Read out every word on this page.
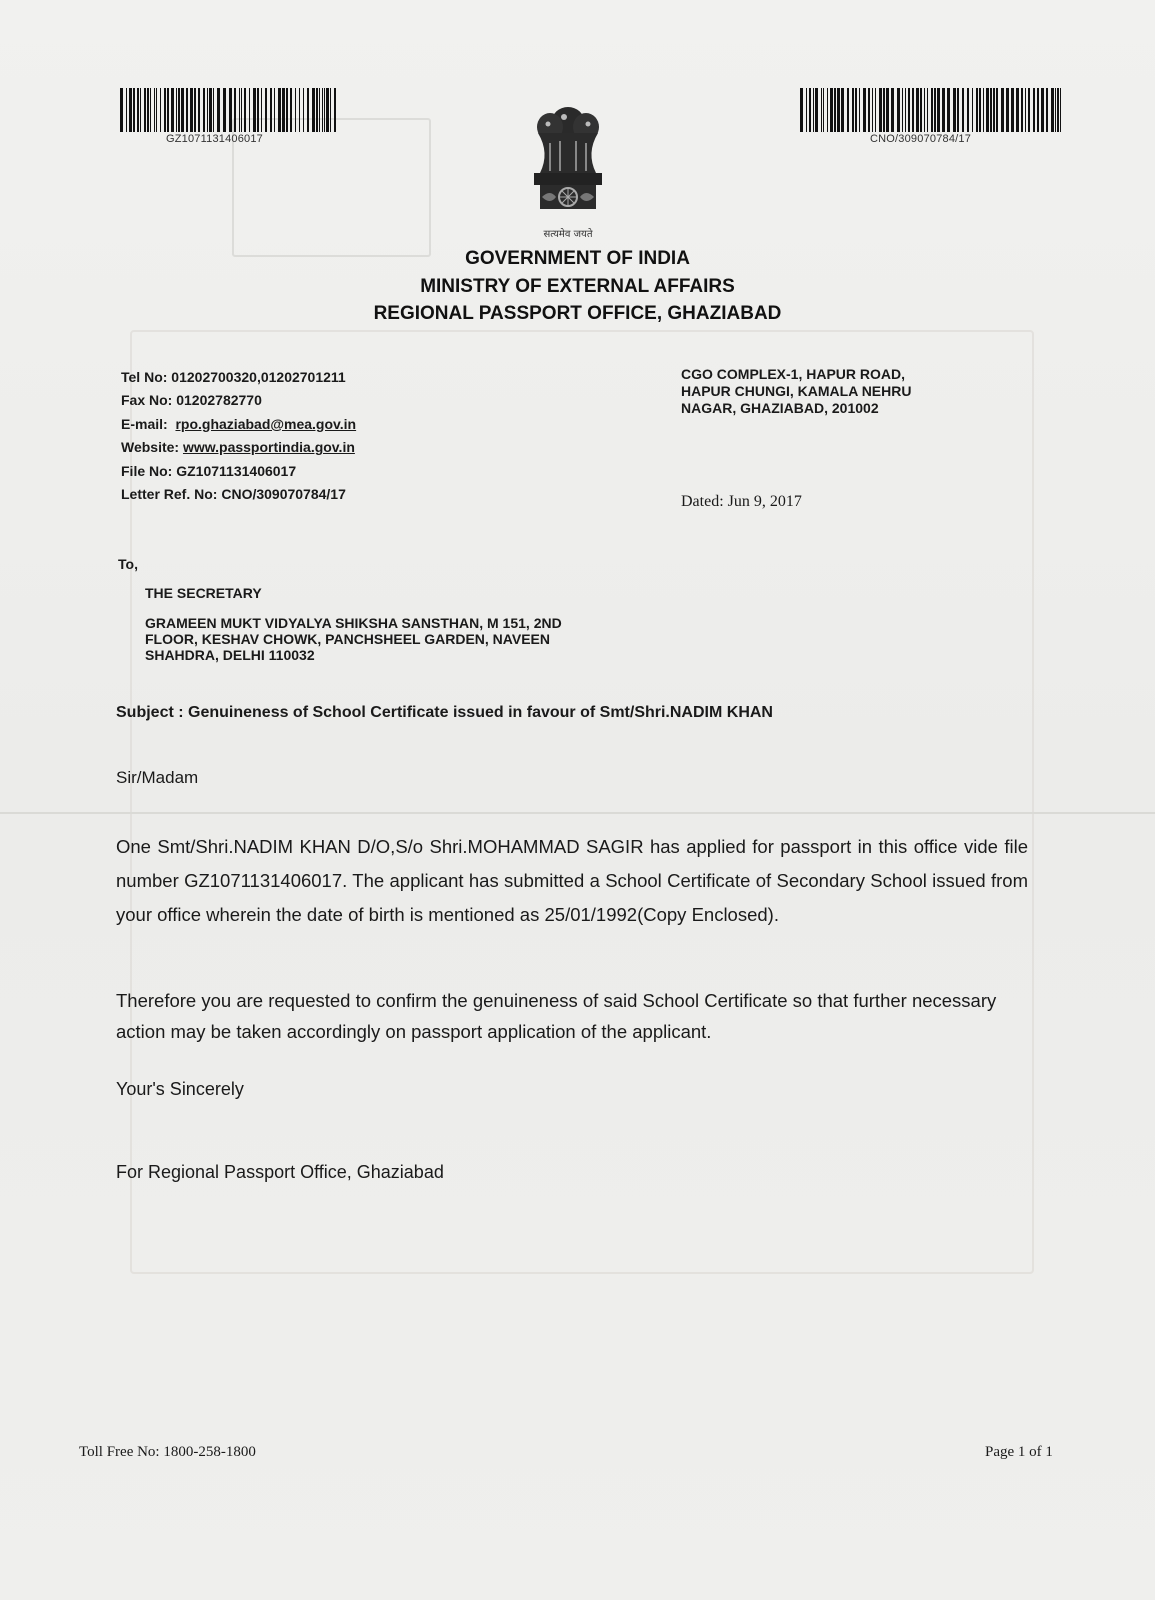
GZ1071131406017	CNO/309070784/17
सत्यमेव जयते
GOVERNMENT OF INDIA
MINISTRY OF EXTERNAL AFFAIRS
REGIONAL PASSPORT OFFICE, GHAZIABAD
Tel No: 01202700320,01202701211
Fax No: 01202782770
E-mail: rpo.ghaziabad@mea.gov.in
Website: www.passportindia.gov.in
File No: GZ1071131406017
Letter Ref. No: CNO/309070784/17
CGO COMPLEX-1, HAPUR ROAD,
HAPUR CHUNGI, KAMALA NEHRU
NAGAR, GHAZIABAD, 201002
Dated: Jun 9, 2017
To,
THE SECRETARY
GRAMEEN MUKT VIDYALYA SHIKSHA SANSTHAN, M 151, 2ND
FLOOR, KESHAV CHOWK, PANCHSHEEL GARDEN, NAVEEN
SHAHDRA, DELHI 110032
Subject : Genuineness of School Certificate issued in favour of Smt/Shri.NADIM KHAN
Sir/Madam
One Smt/Shri.NADIM KHAN D/O,S/o Shri.MOHAMMAD SAGIR has applied for passport in this office vide file number GZ1071131406017. The applicant has submitted a School Certificate of Secondary School issued from your office wherein the date of birth is mentioned as 25/01/1992(Copy Enclosed).
Therefore you are requested to confirm the genuineness of said School Certificate so that further necessary action may be taken accordingly on passport application of the applicant.
Your's Sincerely
For Regional Passport Office, Ghaziabad
Toll Free No: 1800-258-1800	Page 1 of 1
